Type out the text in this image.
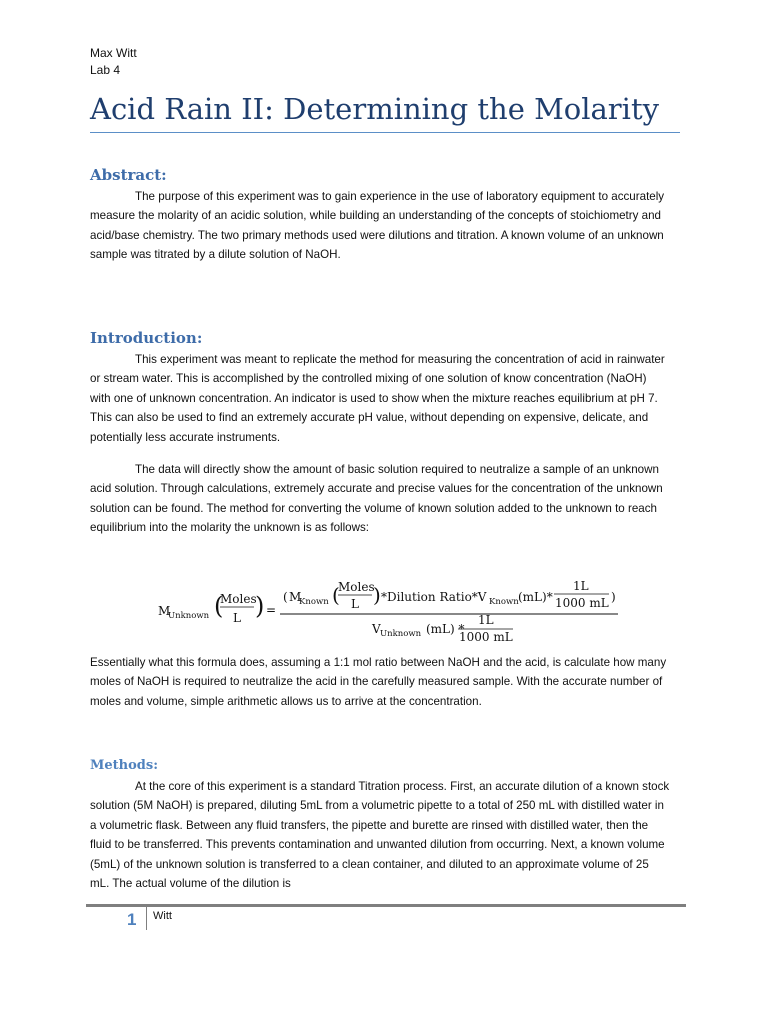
Max Witt
Lab 4
Acid Rain II: Determining the Molarity
Abstract:
The purpose of this experiment was to gain experience in the use of laboratory equipment to accurately measure the molarity of an acidic solution, while building an understanding of the concepts of stoichiometry and acid/base chemistry. The two primary methods used were dilutions and titration. A known volume of an unknown sample was titrated by a dilute solution of NaOH.
Introduction:
This experiment was meant to replicate the method for measuring the concentration of acid in rainwater or stream water. This is accomplished by the controlled mixing of one solution of know concentration (NaOH) with one of unknown concentration. An indicator is used to show when the mixture reaches equilibrium at pH 7. This can also be used to find an extremely accurate pH value, without depending on expensive, delicate, and potentially less accurate instruments.
The data will directly show the amount of basic solution required to neutralize a sample of an unknown acid solution. Through calculations, extremely accurate and precise values for the concentration of the unknown solution can be found. The method for converting the volume of known solution added to the unknown to reach equilibrium into the molarity the unknown is as follows:
M
Unknown (
Moles
L ) =
( M
Known (
Moles
L ) *Dilution Ratio*V Known (mL)*
1L
1000 mL )
V Unknown (mL) *
1L
1000 mL
Essentially what this formula does, assuming a 1:1 mol ratio between NaOH and the acid, is calculate how many moles of NaOH is required to neutralize the acid in the carefully measured sample. With the accurate number of moles and volume, simple arithmetic allows us to arrive at the concentration.
Methods:
At the core of this experiment is a standard Titration process. First, an accurate dilution of a known stock solution (5M NaOH) is prepared, diluting 5mL from a volumetric pipette to a total of 250 mL with distilled water in a volumetric flask. Between any fluid transfers, the pipette and burette are rinsed with distilled water, then the fluid to be transferred. This prevents contamination and unwanted dilution from occurring. Next, a known volume (5mL) of the unknown solution is transferred to a clean container, and diluted to an approximate volume of 25 mL. The actual volume of the dilution is
1 Witt
